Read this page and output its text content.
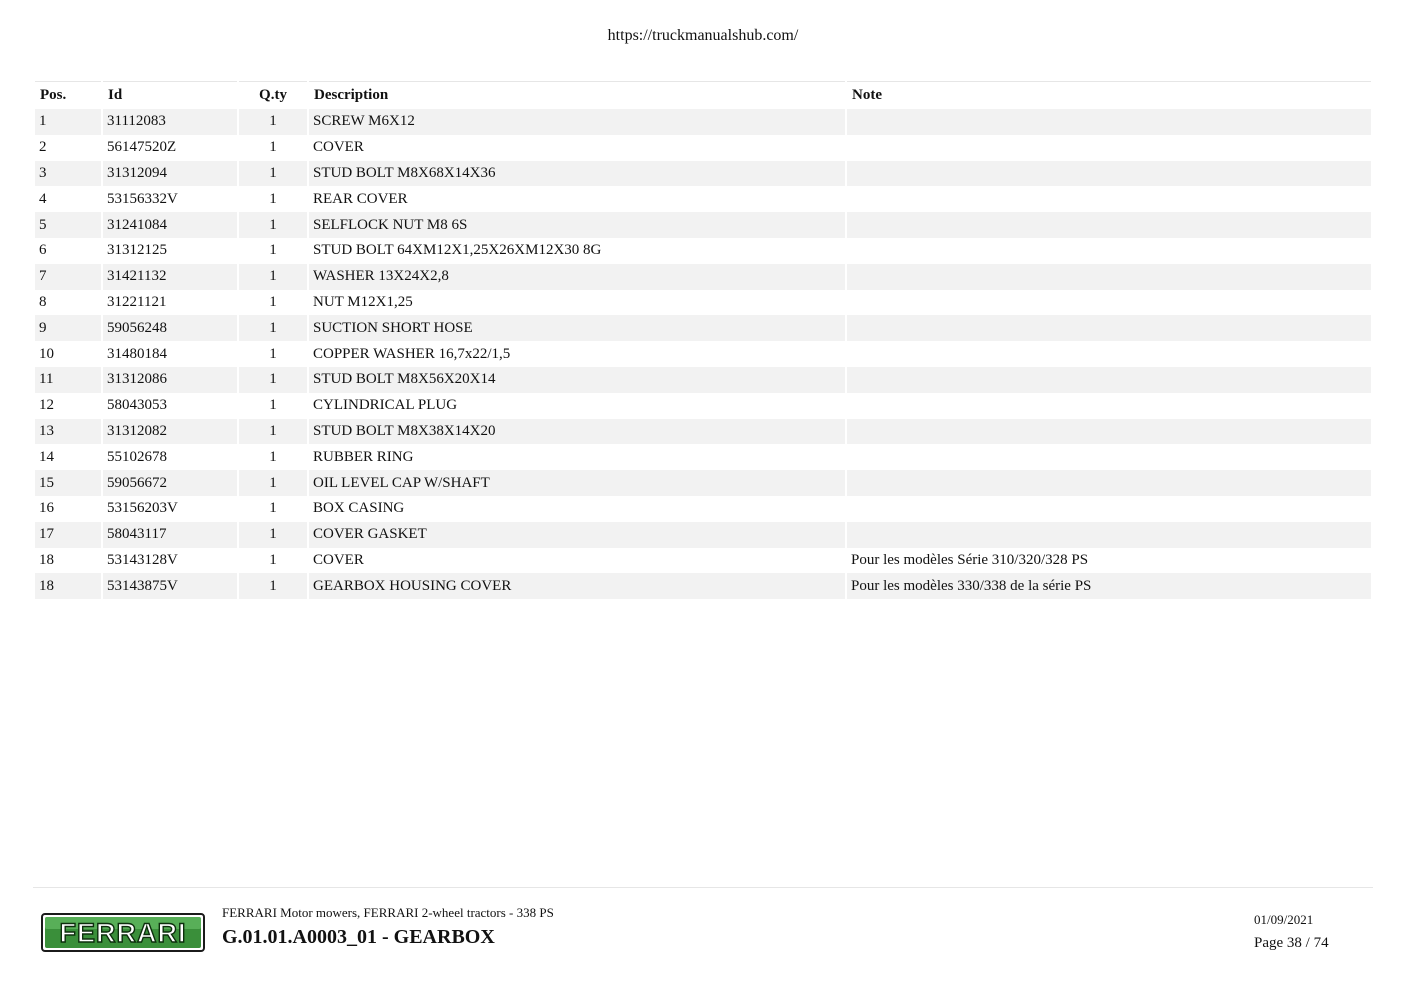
https://truckmanualshub.com/
Pos.	Id	Q.ty	Description	Note
1	31112083	1	SCREW M6X12	
2	56147520Z	1	COVER	
3	31312094	1	STUD BOLT M8X68X14X36	
4	53156332V	1	REAR COVER	
5	31241084	1	SELFLOCK NUT M8 6S	
6	31312125	1	STUD BOLT 64XM12X1,25X26XM12X30 8G	
7	31421132	1	WASHER 13X24X2,8	
8	31221121	1	NUT M12X1,25	
9	59056248	1	SUCTION SHORT HOSE	
10	31480184	1	COPPER WASHER 16,7x22/1,5	
11	31312086	1	STUD BOLT M8X56X20X14	
12	58043053	1	CYLINDRICAL PLUG	
13	31312082	1	STUD BOLT M8X38X14X20	
14	55102678	1	RUBBER RING	
15	59056672	1	OIL LEVEL CAP W/SHAFT	
16	53156203V	1	BOX CASING	
17	58043117	1	COVER GASKET	
18	53143128V	1	COVER	Pour les modèles Série 310/320/328 PS
18	53143875V	1	GEARBOX HOUSING COVER	Pour les modèles 330/338 de la série PS
FERRARI
FERRARI Motor mowers, FERRARI 2-wheel tractors - 338 PS
G.01.01.A0003_01 - GEARBOX
01/09/2021
Page 38 / 74
